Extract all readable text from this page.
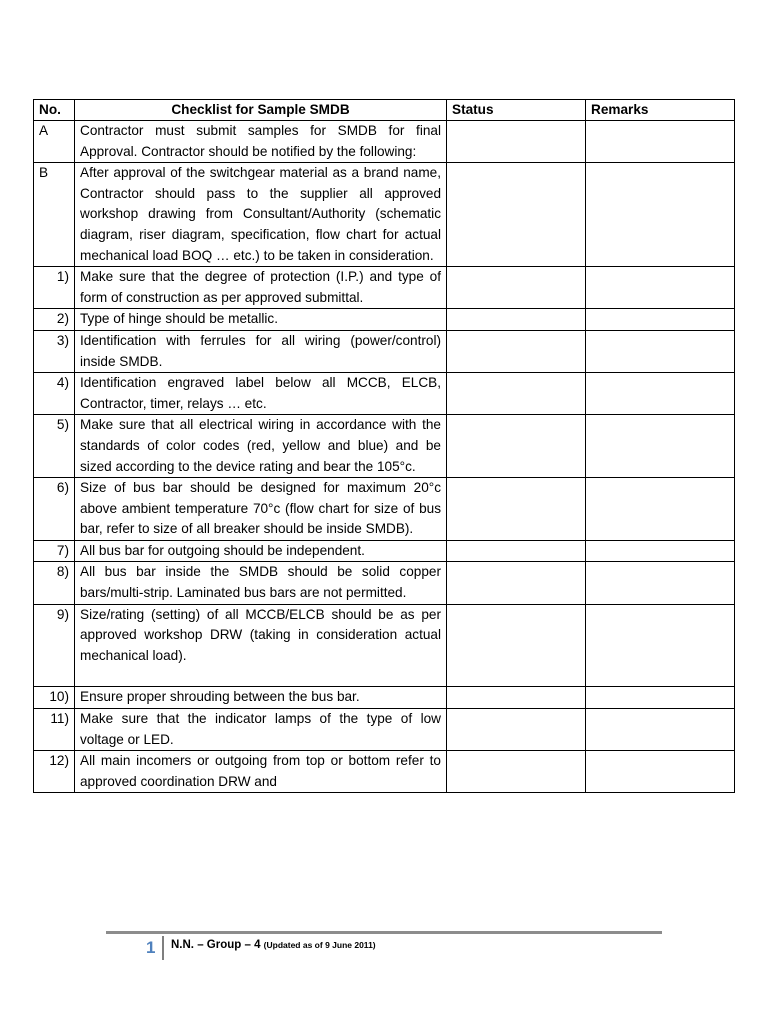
No.	Checklist for Sample SMDB	Status	Remarks
A	Contractor must submit samples for SMDB for final Approval. Contractor should be notified by the following:		
B	After approval of the switchgear material as a brand name, Contractor should pass to the supplier all approved workshop drawing from Consultant/Authority (schematic diagram, riser diagram, specification, flow chart for actual mechanical load BOQ … etc.) to be taken in consideration.		
1)	Make sure that the degree of protection (I.P.) and type of form of construction as per approved submittal.		
2)	Type of hinge should be metallic.		
3)	Identification with ferrules for all wiring (power/control) inside SMDB.		
4)	Identification engraved label below all MCCB, ELCB, Contractor, timer, relays … etc.		
5)	Make sure that all electrical wiring in accordance with the standards of color codes (red, yellow and blue) and be sized according to the device rating and bear the 105°c.		
6)	Size of bus bar should be designed for maximum 20°c above ambient temperature 70°c (flow chart for size of bus bar, refer to size of all breaker should be inside SMDB).		
7)	All bus bar for outgoing should be independent.		
8)	All bus bar inside the SMDB should be solid copper bars/multi-strip. Laminated bus bars are not permitted.		
9)	Size/rating (setting) of all MCCB/ELCB should be as per approved workshop DRW (taking in consideration actual mechanical load).		
10)	Ensure proper shrouding between the bus bar.		
11)	Make sure that the indicator lamps of the type of low voltage or LED.		
12)	All main incomers or outgoing from top or bottom refer to approved coordination DRW and		
1 N.N. – Group – 4 (Updated as of 9 June 2011)
